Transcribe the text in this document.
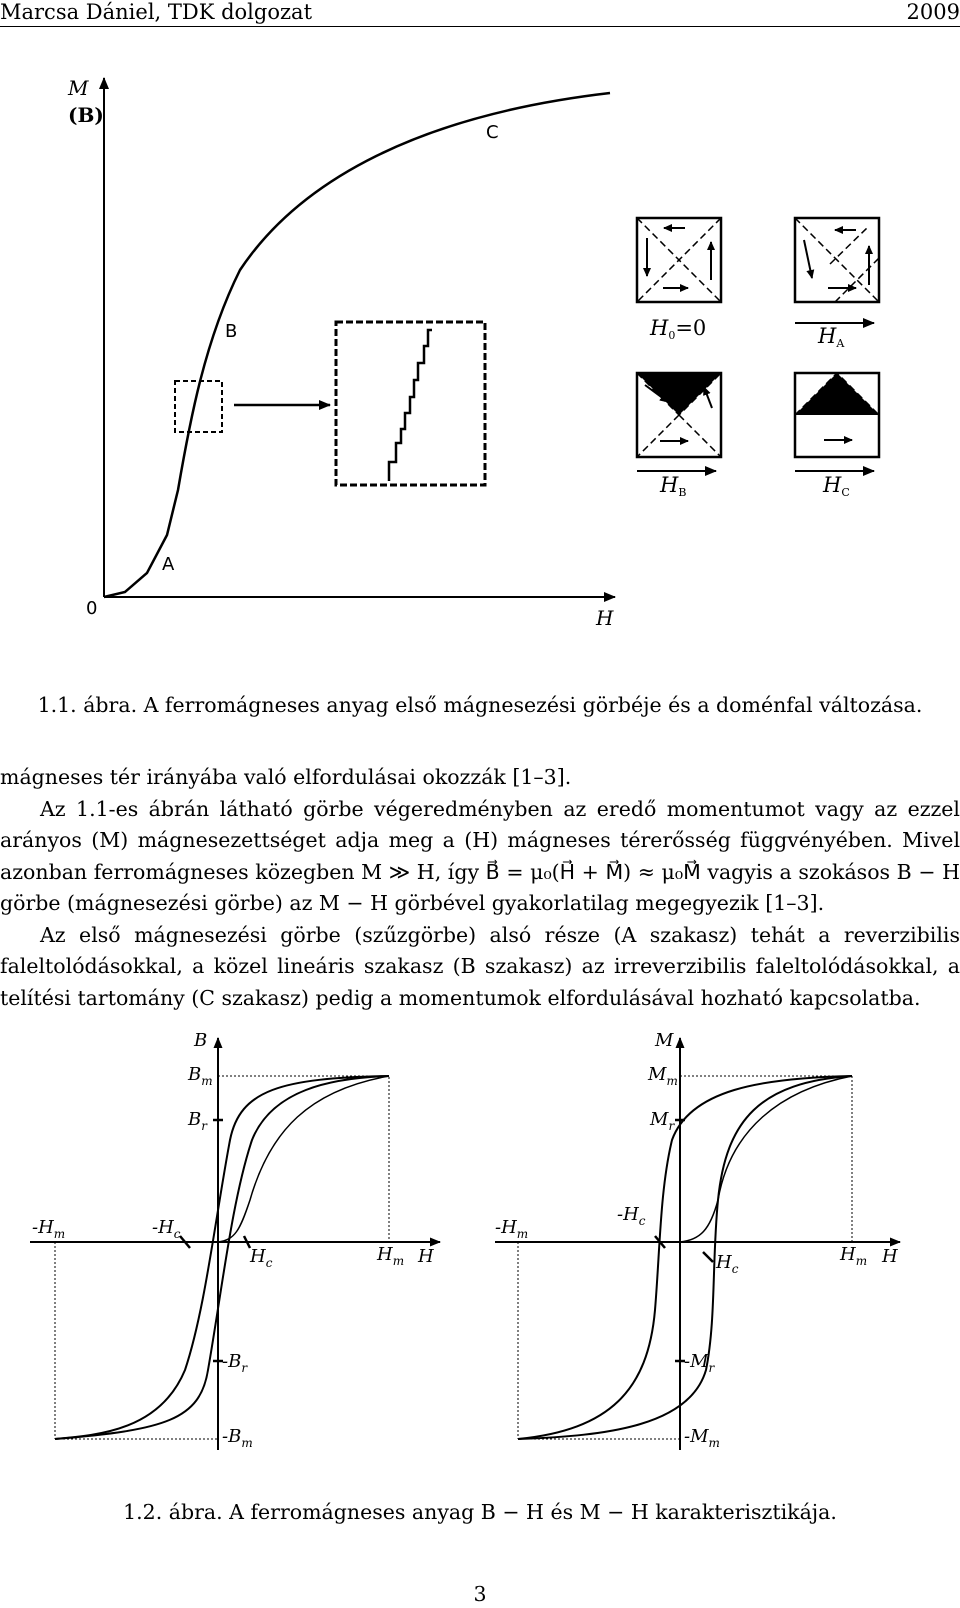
Marcsa Dániel, TDK dolgozat	2009
M
(B)
0	H
A
B
C
H0=0	HA
HB	HC
1.1. ábra. A ferromágneses anyag első mágnesezési görbéje és a doménfal változása.

mágneses tér irányába való elfordulásai okozzák [1–3].

Az 1.1-es ábrán látható görbe végeredményben az eredő momentumot vagy az ezzel arányos (M) mágnesezettséget adja meg a (H) mágneses térerősség függvényében. Mivel azonban ferromágneses közegben M ≫ H, így B⃗ = μ₀(H⃗ + M⃗) ≈ μ₀M⃗ vagyis a szokásos B − H görbe (mágnesezési görbe) az M − H görbével gyakorlatilag megegyezik [1–3].

Az első mágnesezési görbe (szűzgörbe) alsó része (A szakasz) tehát a reverzibilis faleltolódásokkal, a közel lineáris szakasz (B szakasz) az irreverzibilis faleltolódásokkal, a telítési tartomány (C szakasz) pedig a momentumok elfordulásával hozható kapcsolatba.

B
$B_m$
$B_r$
$-H_m$	$-H_c$
$H_c$	$H_m$ H
$-B_r$
$-B_m$
M
$M_m$
$M_r$
$-H_m$
$-H_c$
$H_c$
$H_m$ H
$-M_r$
$-M_m$
1.2. ábra. A ferromágneses anyag B − H és M − H karakterisztikája.
3
